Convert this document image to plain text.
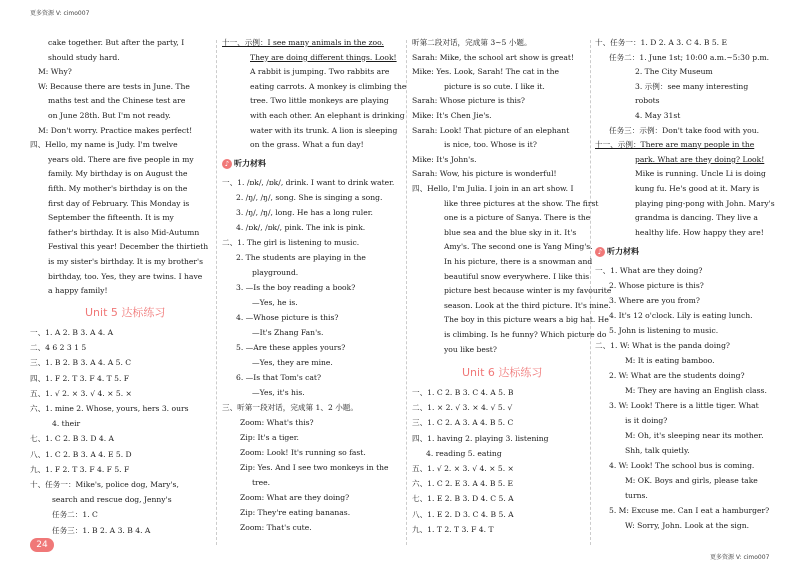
更多资源 V: cimo007
更多资源 V: cimo007
cake together. But after the party, I
should study hard.
M: Why?
W: Because there are tests in June. The
maths test and the Chinese test are
on June 28th. But I'm not ready.
M: Don't worry. Practice makes perfect!
四、Hello, my name is Judy. I'm twelve
years old. There are five people in my
family. My birthday is on August the
fifth. My mother's birthday is on the
first day of February. This Monday is
September the fifteenth. It is my
father's birthday. It is also Mid-Autumn
Festival this year! December the thirtieth
is my sister's birthday. It is my brother's
birthday, too. Yes, they are twins. I have
a happy family!
Unit 5 达标练习
一、1. A 2. B 3. A 4. A
二、4 6 2 3 1 5
三、1. B 2. B 3. A 4. A 5. C
四、1. F 2. T 3. F 4. T 5. F
五、1. √ 2. × 3. √ 4. × 5. ×
六、1. mine 2. Whose, yours, hers 3. ours
4. their
七、1. C 2. B 3. D 4. A
八、1. C 2. B 3. A 4. E 5. D
九、1. F 2. T 3. F 4. F 5. F
十、任务一：Mike's, police dog, Mary's,
search and rescue dog, Jenny's
任务二：1. C
任务三：1. B 2. A 3. B 4. A
十一、示例：I see many animals in the zoo.
They are doing different things. Look!
A rabbit is jumping. Two rabbits are
eating carrots. A monkey is climbing the
tree. Two little monkeys are playing
with each other. An elephant is drinking
water with its trunk. A lion is sleeping
on the grass. What a fun day!
♪ 听力材料
一、1. /ɒk/, /ɒk/, drink. I want to drink water.
2. /ŋ/, /ŋ/, song. She is singing a song.
3. /ŋ/, /ŋ/, long. He has a long ruler.
4. /ɒk/, /ɒk/, pink. The ink is pink.
二、1. The girl is listening to music.
2. The students are playing in the
playground.
3. —Is the boy reading a book?
—Yes, he is.
4. —Whose picture is this?
—It's Zhang Fan's.
5. —Are these apples yours?
—Yes, they are mine.
6. —Is that Tom's cat?
—Yes, it's his.
三、听第一段对话，完成第 1、2 小题。
Zoom: What's this?
Zip: It's a tiger.
Zoom: Look! It's running so fast.
Zip: Yes. And I see two monkeys in the
tree.
Zoom: What are they doing?
Zip: They're eating bananas.
Zoom: That's cute.
听第二段对话，完成第 3~5 小题。
Sarah: Mike, the school art show is great!
Mike: Yes. Look, Sarah! The cat in the
picture is so cute. I like it.
Sarah: Whose picture is this?
Mike: It's Chen Jie's.
Sarah: Look! That picture of an elephant
is nice, too. Whose is it?
Mike: It's John's.
Sarah: Wow, his picture is wonderful!
四、Hello, I'm Julia. I join in an art show. I
like three pictures at the show. The first
one is a picture of Sanya. There is the
blue sea and the blue sky in it. It's
Amy's. The second one is Yang Ming's.
In his picture, there is a snowman and
beautiful snow everywhere. I like this
picture best because winter is my favourite
season. Look at the third picture. It's mine.
The boy in this picture wears a big hat. He
is climbing. Is he funny? Which picture do
you like best?
Unit 6 达标练习
一、1. C 2. B 3. C 4. A 5. B
二、1. × 2. √ 3. × 4. √ 5. √
三、1. C 2. A 3. A 4. B 5. C
四、1. having 2. playing 3. listening
4. reading 5. eating
五、1. √ 2. × 3. √ 4. × 5. ×
六、1. C 2. E 3. A 4. B 5. E
七、1. E 2. B 3. D 4. C 5. A
八、1. E 2. D 3. C 4. B 5. A
九、1. T 2. T 3. F 4. T
十、任务一：1. D 2. A 3. C 4. B 5. E
任务二：1. June 1st; 10:00 a.m.~5:30 p.m.
2. The City Museum
3. 示例：see many interesting
robots
4. May 31st
任务三：示例：Don't take food with you.
十一、示例：There are many people in the
park. What are they doing? Look!
Mike is running. Uncle Li is doing
kung fu. He's good at it. Mary is
playing ping-pong with John. Mary's
grandma is dancing. They live a
healthy life. How happy they are!
♪ 听力材料
一、1. What are they doing?
2. Whose picture is this?
3. Where are you from?
4. It's 12 o'clock. Lily is eating lunch.
5. John is listening to music.
二、1. W: What is the panda doing?
M: It is eating bamboo.
2. W: What are the students doing?
M: They are having an English class.
3. W: Look! There is a little tiger. What
is it doing?
M: Oh, it's sleeping near its mother.
Shh, talk quietly.
4. W: Look! The school bus is coming.
M: OK. Boys and girls, please take
turns.
5. M: Excuse me. Can I eat a hamburger?
W: Sorry, John. Look at the sign.
24
